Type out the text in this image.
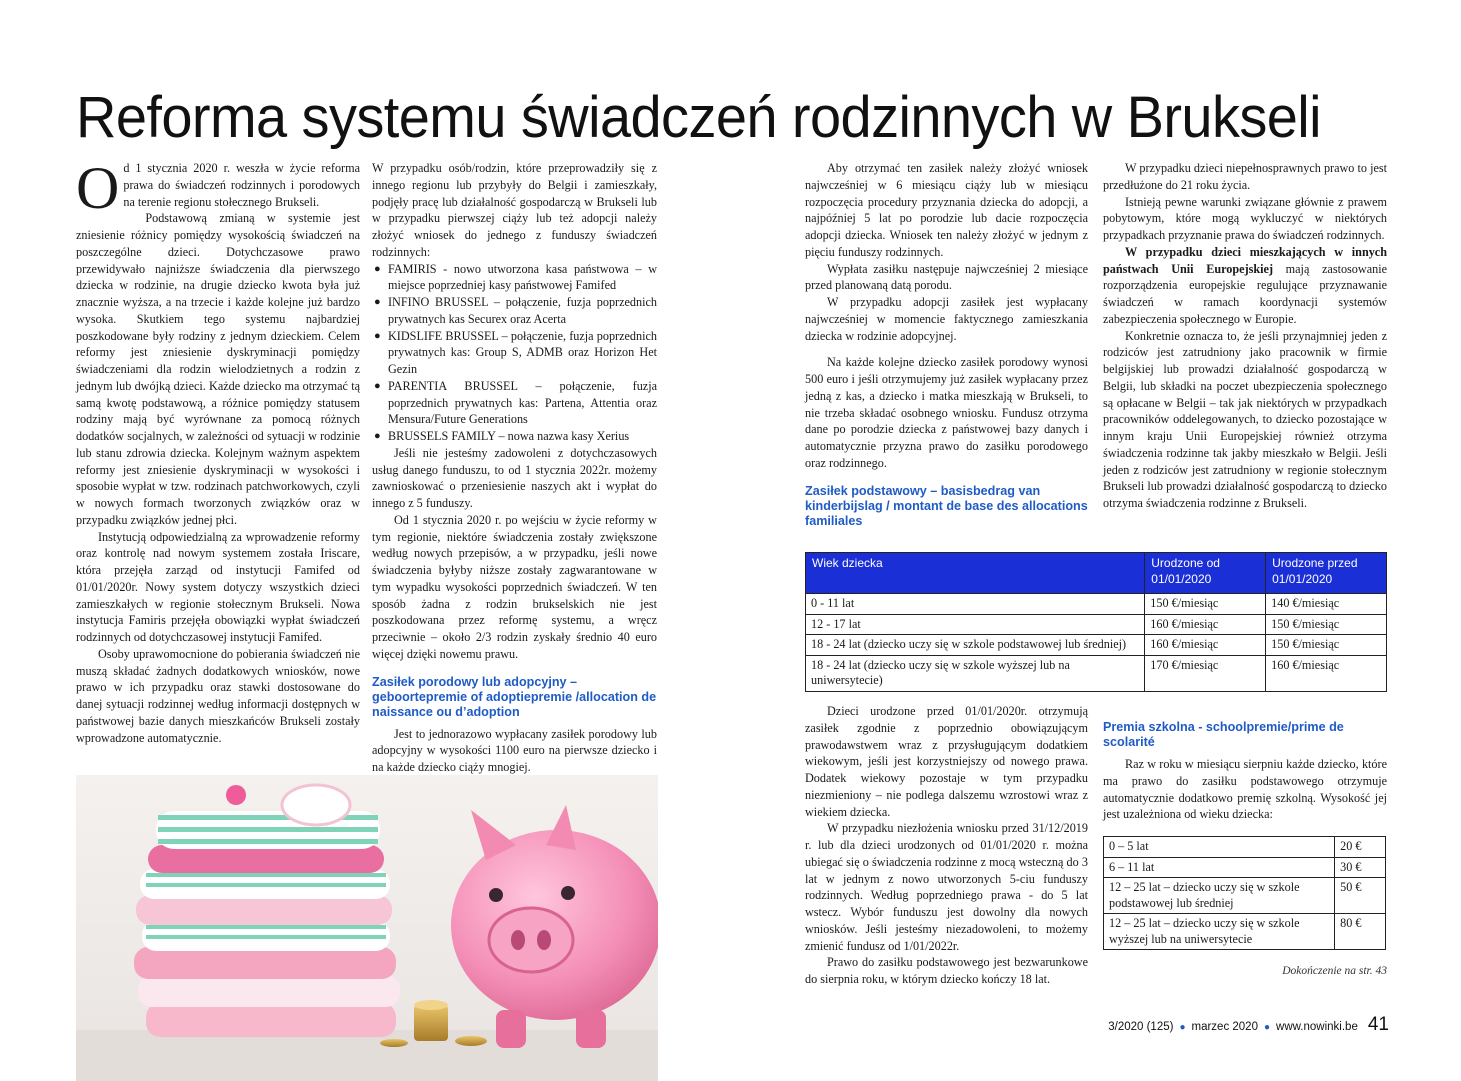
Reforma systemu świadczeń rodzinnych w Brukseli

Od 1 stycznia 2020 r. weszła w życie reforma prawa do świadczeń rodzinnych i porodowych na terenie regionu stołecznego Brukseli.

Podstawową zmianą w systemie jest zniesienie różnicy pomiędzy wysokością świadczeń na poszczególne dzieci. Dotychczasowe prawo przewidywało najniższe świadczenia dla pierwszego dziecka w rodzinie, na drugie dziecko kwota była już znacznie wyższa, a na trzecie i każde kolejne już bardzo wysoka. Skutkiem tego systemu najbardziej poszkodowane były rodziny z jednym dzieckiem. Celem reformy jest zniesienie dyskryminacji pomiędzy świadczeniami dla rodzin wielodzietnych a rodzin z jednym lub dwójką dzieci. Każde dziecko ma otrzymać tą samą kwotę podstawową, a różnice pomiędzy statusem rodziny mają być wyrównane za pomocą różnych dodatków socjalnych, w zależności od sytuacji w rodzinie lub stanu zdrowia dziecka. Kolejnym ważnym aspektem reformy jest zniesienie dyskryminacji w wysokości i sposobie wypłat w tzw. rodzinach patchworkowych, czyli w nowych formach tworzonych związków oraz w przypadku związków jednej płci.

Instytucją odpowiedzialną za wprowadzenie reformy oraz kontrolę nad nowym systemem została Iriscare, która przejęła zarząd od instytucji Famifed od 01/01/2020r. Nowy system dotyczy wszystkich dzieci zamieszkałych w regionie stołecznym Brukseli. Nowa instytucja Famiris przejęła obowiązki wypłat świadczeń rodzinnych od dotychczasowej instytucji Famifed.

Osoby uprawomocnione do pobierania świadczeń nie muszą składać żadnych dodatkowych wniosków, nowe prawo w ich przypadku oraz stawki dostosowane do danej sytuacji rodzinnej według informacji dostępnych w państwowej bazie danych mieszkańców Brukseli zostały wprowadzone automatycznie.

W przypadku osób/rodzin, które przeprowadziły się z innego regionu lub przybyły do Belgii i zamieszkały, podjęły pracę lub działalność gospodarczą w Brukseli lub w przypadku pierwszej ciąży lub też adopcji należy złożyć wniosek do jednego z funduszy świadczeń rodzinnych:

● FAMIRIS - nowo utworzona kasa państwowa – w miejsce poprzedniej kasy państwowej Famifed
● INFINO BRUSSEL – połączenie, fuzja poprzednich prywatnych kas Securex oraz Acerta
● KIDSLIFE BRUSSEL – połączenie, fuzja poprzednich prywatnych kas: Group S, ADMB oraz Horizon Het Gezin
● PARENTIA BRUSSEL – połączenie, fuzja poprzednich prywatnych kas: Partena, Attentia oraz Mensura/Future Generations
● BRUSSELS FAMILY – nowa nazwa kasy Xerius

Jeśli nie jesteśmy zadowoleni z dotychczasowych usług danego funduszu, to od 1 stycznia 2022r. możemy zawnioskować o przeniesienie naszych akt i wypłat do innego z 5 funduszy.

Od 1 stycznia 2020 r. po wejściu w życie reformy w tym regionie, niektóre świadczenia zostały zwiększone według nowych przepisów, a w przypadku, jeśli nowe świadczenia byłyby niższe zostały zagwarantowane w tym wypadku wysokości poprzednich świadczeń. W ten sposób żadna z rodzin brukselskich nie jest poszkodowana przez reformę systemu, a wręcz przeciwnie – około 2/3 rodzin zyskały średnio 40 euro więcej dzięki nowemu prawu.

Zasiłek porodowy lub adopcyjny – geboortepremie of adoptiepremie /allocation de naissance ou d’adoption

Jest to jednorazowo wypłacany zasiłek porodowy lub adopcyjny w wysokości 1100 euro na pierwsze dziecko i na każde dziecko ciąży mnogiej.

Aby otrzymać ten zasiłek należy złożyć wniosek najwcześniej w 6 miesiącu ciąży lub w miesiącu rozpoczęcia procedury przyznania dziecka do adopcji, a najpóźniej 5 lat po porodzie lub dacie rozpoczęcia adopcji dziecka. Wniosek ten należy złożyć w jednym z pięciu funduszy rodzinnych.

Wypłata zasiłku następuje najwcześniej 2 miesiące przed planowaną datą porodu.

W przypadku adopcji zasiłek jest wypłacany najwcześniej w momencie faktycznego zamieszkania dziecka w rodzinie adopcyjnej.

Na każde kolejne dziecko zasiłek porodowy wynosi 500 euro i jeśli otrzymujemy już zasiłek wypłacany przez jedną z kas, a dziecko i matka mieszkają w Brukseli, to nie trzeba składać osobnego wniosku. Fundusz otrzyma dane po porodzie dziecka z państwowej bazy danych i automatycznie przyzna prawo do zasiłku porodowego oraz rodzinnego.

Zasiłek podstawowy – basisbedrag van kinderbijslag / montant de base des allocations familiales

Dzieci urodzone przed 01/01/2020r. otrzymują zasiłek zgodnie z poprzednio obowiązującym prawodawstwem wraz z przysługującym dodatkiem wiekowym, jeśli jest korzystniejszy od nowego prawa. Dodatek wiekowy pozostaje w tym przypadku niezmieniony – nie podlega dalszemu wzrostowi wraz z wiekiem dziecka.

W przypadku niezłożenia wniosku przed 31/12/2019 r. lub dla dzieci urodzonych od 01/01/2020 r. można ubiegać się o świadczenia rodzinne z mocą wsteczną do 3 lat w jednym z nowo utworzonych 5-ciu funduszy rodzinnych. Według poprzedniego prawa - do 5 lat wstecz. Wybór funduszu jest dowolny dla nowych wniosków. Jeśli jesteśmy niezadowoleni, to możemy zmienić fundusz od 1/01/2022r.

Prawo do zasiłku podstawowego jest bezwarunkowe do sierpnia roku, w którym dziecko kończy 18 lat.

Wiek dziecka	Urodzone od 01/01/2020	Urodzone przed 01/01/2020
0 - 11 lat	150 €/miesiąc	140 €/miesiąc
12 - 17 lat	160 €/miesiąc	150 €/miesiąc
18 - 24 lat (dziecko uczy się w szkole podstawowej lub średniej)	160 €/miesiąc	150 €/miesiąc
18 - 24 lat (dziecko uczy się w szkole wyższej lub na uniwersytecie)	170 €/miesiąc	160 €/miesiąc

W przypadku dzieci niepełnosprawnych prawo to jest przedłużone do 21 roku życia.

Istnieją pewne warunki związane głównie z prawem pobytowym, które mogą wykluczyć w niektórych przypadkach przyznanie prawa do świadczeń rodzinnych.

W przypadku dzieci mieszkających w innych państwach Unii Europejskiej mają zastosowanie rozporządzenia europejskie regulujące przyznawanie świadczeń w ramach koordynacji systemów zabezpieczenia społecznego w Europie.

Konkretnie oznacza to, że jeśli przynajmniej jeden z rodziców jest zatrudniony jako pracownik w firmie belgijskiej lub prowadzi działalność gospodarczą w Belgii, lub składki na poczet ubezpieczenia społecznego są opłacane w Belgii – tak jak niektórych w przypadkach pracowników oddelegowanych, to dziecko pozostające w innym kraju Unii Europejskiej również otrzyma świadczenia rodzinne tak jakby mieszkało w Belgii. Jeśli jeden z rodziców jest zatrudniony w regionie stołecznym Brukseli lub prowadzi działalność gospodarczą to dziecko otrzyma świadczenia rodzinne z Brukseli.

Premia szkolna - schoolpremie/prime de scolarité

Raz w roku w miesiącu sierpniu każde dziecko, które ma prawo do zasiłku podstawowego otrzymuje automatycznie dodatkowo premię szkolną. Wysokość jej jest uzależniona od wieku dziecka:

0 – 5 lat	20 €
6 – 11 lat	30 €
12 – 25 lat – dziecko uczy się w szkole podstawowej lub średniej	50 €
12 – 25 lat – dziecko uczy się w szkole wyższej lub na uniwersytecie	80 €
Dokończenie na str. 43
3/2020 (125) ● marzec 2020 ● www.nowinki.be 41
